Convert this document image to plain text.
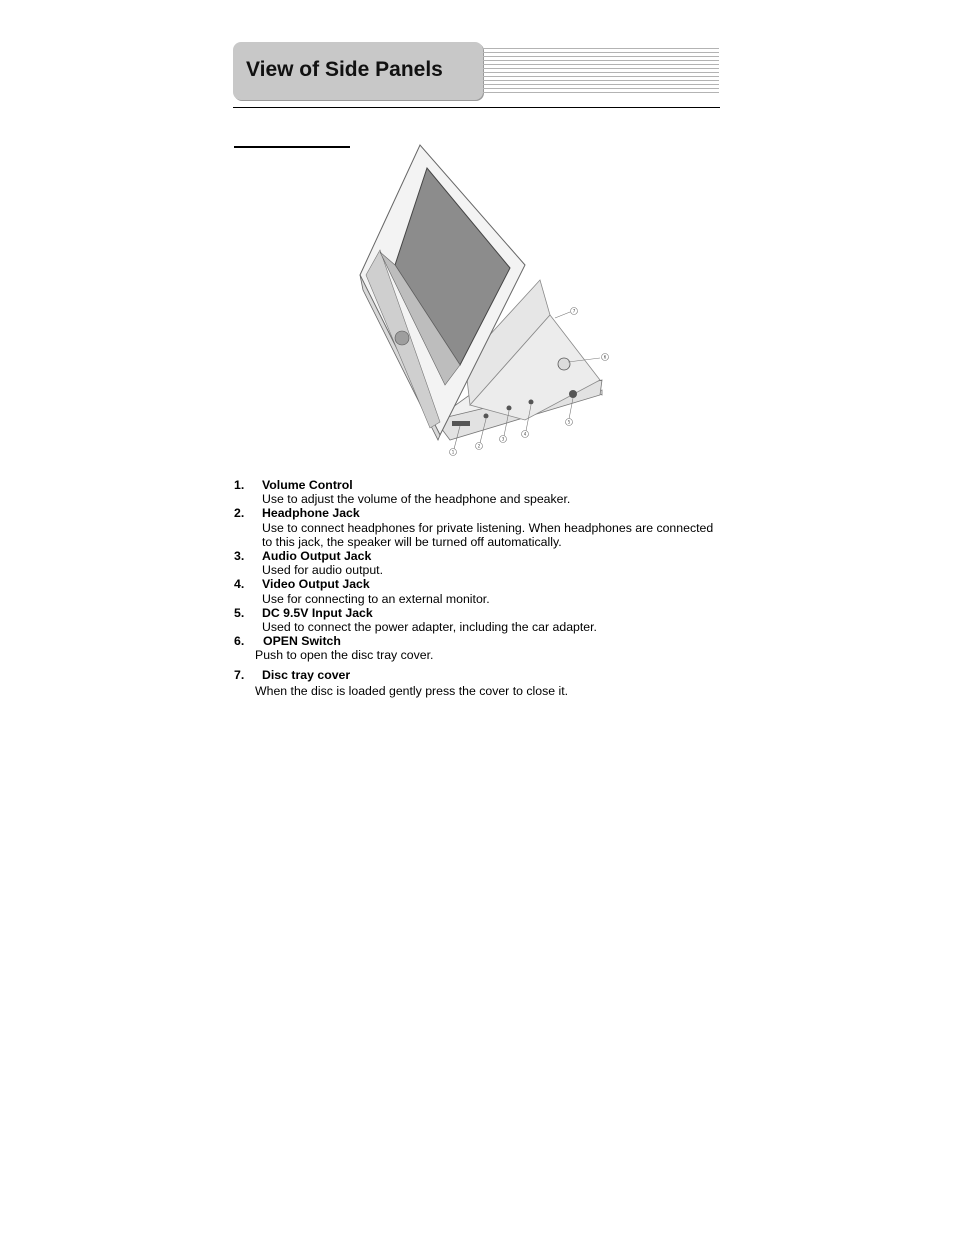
View of Side Panels
1
2
3
4
5
6
7
1.	Volume Control
Use to adjust the volume of the headphone and speaker.
2.	Headphone Jack
Use to connect headphones for private listening. When headphones are connected to this jack, the speaker will be turned off automatically.
3.	Audio Output Jack
Used for audio output.
4.	Video Output Jack
Use for connecting to an external monitor.
5.	DC 9.5V Input Jack
Used to connect the power adapter, including the car adapter.
6.	OPEN Switch
Push to open the disc tray cover.
7.	Disc tray cover
When the disc is loaded gently press the cover to close it.
